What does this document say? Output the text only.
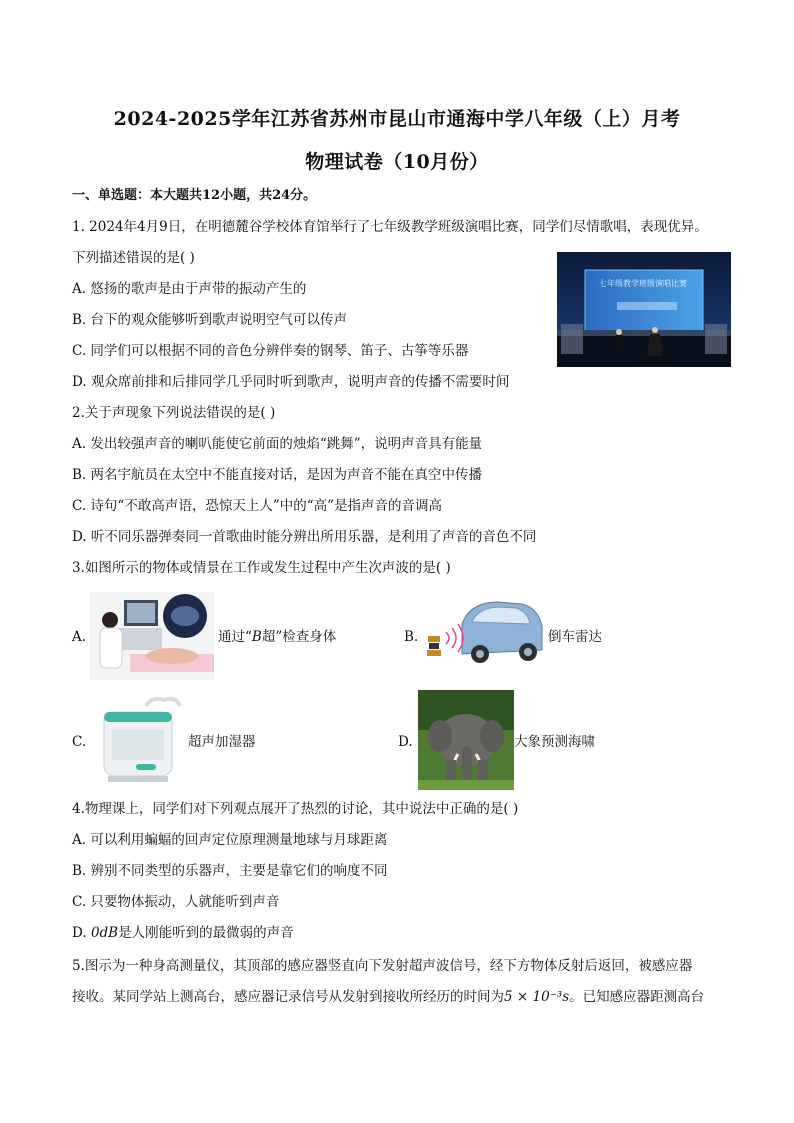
2024-2025学年江苏省苏州市昆山市通海中学八年级（上）月考
物理试卷（10月份）
一、单选题：本大题共12小题，共24分。
1. 2024年4月9日，在明德麓谷学校体育馆举行了七年级教学班级演唱比赛，同学们尽情歌唱，表现优异。
下列描述错误的是( )
A. 悠扬的歌声是由于声带的振动产生的
B. 台下的观众能够听到歌声说明空气可以传声
C. 同学们可以根据不同的音色分辨伴奏的钢琴、笛子、古筝等乐器
D. 观众席前排和后排同学几乎同时听到歌声，说明声音的传播不需要时间
七年级教学班级演唱比赛
2.关于声现象下列说法错误的是( )
A. 发出较强声音的喇叭能使它前面的烛焰“跳舞”，说明声音具有能量
B. 两名宇航员在太空中不能直接对话，是因为声音不能在真空中传播
C. 诗句“不敢高声语，恐惊天上人”中的“高”是指声音的音调高
D. 听不同乐器弹奏同一首歌曲时能分辨出所用乐器，是利用了声音的音色不同
3.如图所示的物体或情景在工作或发生过程中产生次声波的是( )
A.	通过“B超”检查身体	B.	倒车雷达
C.	超声加湿器	D.	大象预测海啸
4.物理课上，同学们对下列观点展开了热烈的讨论，其中说法中正确的是( )
A. 可以利用蝙蝠的回声定位原理测量地球与月球距离
B. 辨别不同类型的乐器声，主要是靠它们的响度不同
C. 只要物体振动，人就能听到声音
D. 0dB是人刚能听到的最微弱的声音
5.图示为一种身高测量仪，其顶部的感应器竖直向下发射超声波信号，经下方物体反射后返回，被感应器
接收。某同学站上测高台，感应器记录信号从发射到接收所经历的时间为5 × 10⁻³s。已知感应器距测高台
